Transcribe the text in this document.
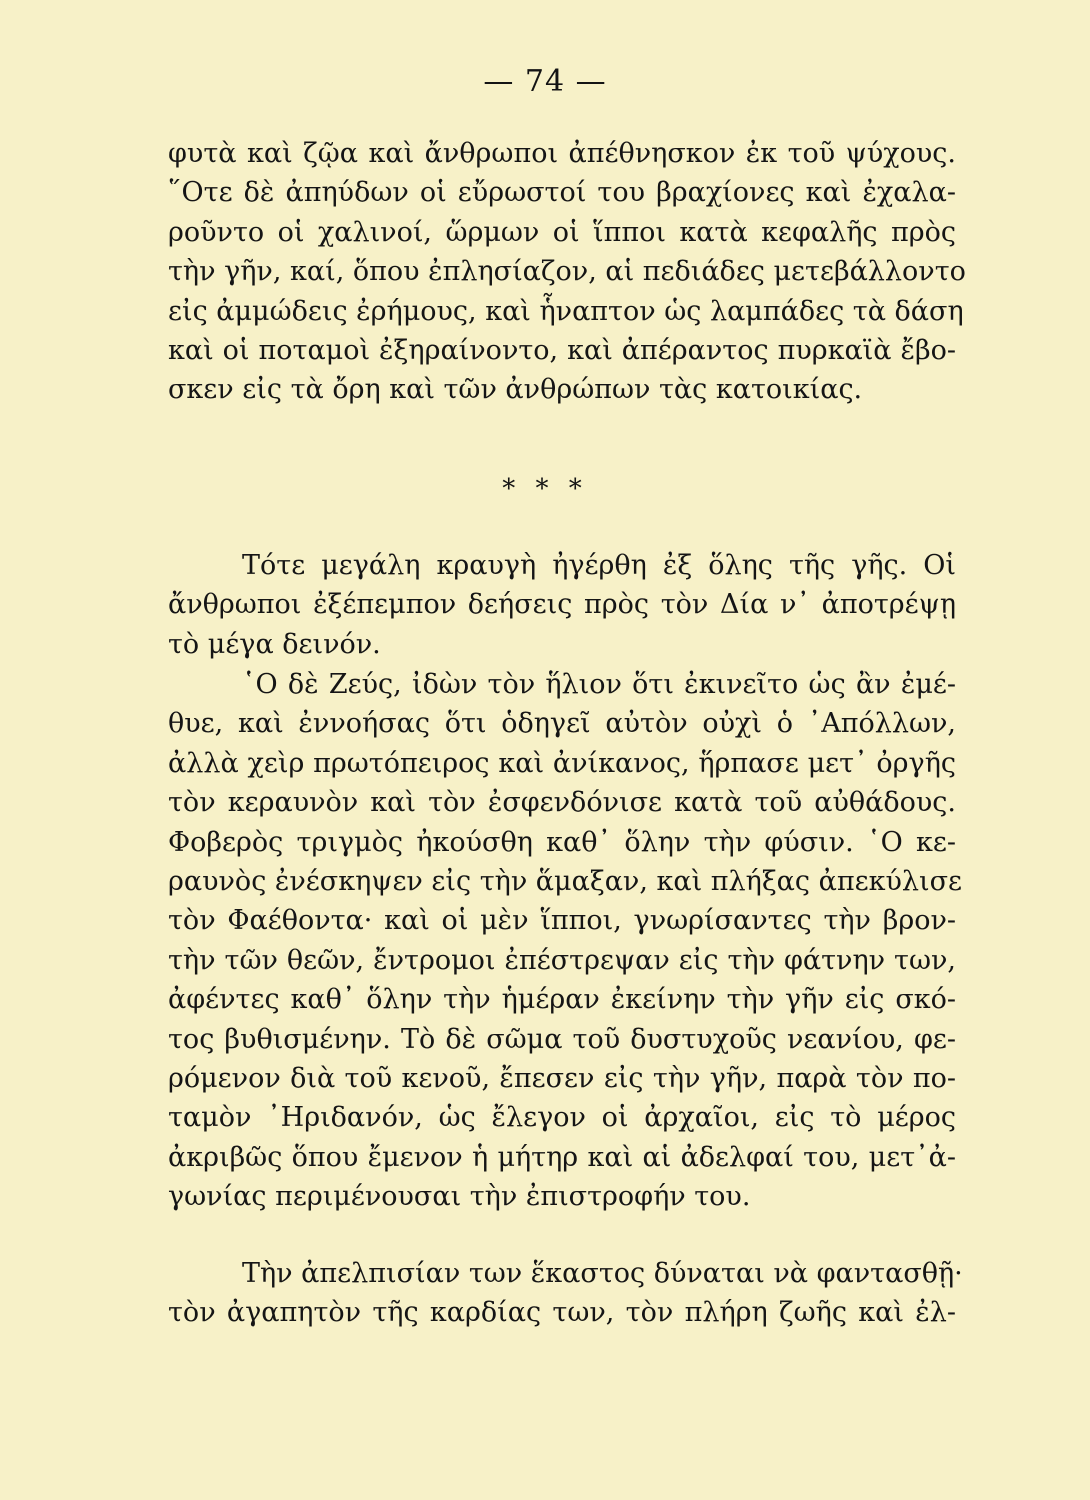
— 74 —
φυτὰ καὶ ζῷα καὶ ἄνθρωποι ἀπέθνησκον ἐκ τοῦ ψύχους.
῞Οτε δὲ ἀπηύδων οἱ εὔρωστοί του βραχίονες καὶ ἐχαλα-
ροῦντο οἱ χαλινοί, ὥρμων οἱ ἵπποι κατὰ κεφαλῆς πρὸς
τὴν γῆν, καί, ὅπου ἐπλησίαζον, αἱ πεδιάδες μετεβάλλοντο
εἰς ἀμμώδεις ἐρήμους, καὶ ἧναπτον ὡς λαμπάδες τὰ δάση
καὶ οἱ ποταμοὶ ἐξηραίνοντο, καὶ ἀπέραντος πυρκαϊὰ ἔβο-
σκεν εἰς τὰ ὄρη καὶ τῶν ἀνθρώπων τὰς κατοικίας.
* * *
Τότε μεγάλη κραυγὴ ἠγέρθη ἐξ ὅλης τῆς γῆς. Οἱ
ἄνθρωποι ἐξέπεμπον δεήσεις πρὸς τὸν Δία ν᾽ ἀποτρέψῃ
τὸ μέγα δεινόν.
῾Ο δὲ Ζεύς, ἰδὼν τὸν ἥλιον ὅτι ἐκινεῖτο ὡς ἂν ἐμέ-
θυε, καὶ ἐννοήσας ὅτι ὁδηγεῖ αὐτὸν οὐχὶ ὁ ᾽Απόλλων,
ἀλλὰ χεὶρ πρωτόπειρος καὶ ἀνίκανος, ἥρπασε μετ᾽ ὀργῆς
τὸν κεραυνὸν καὶ τὸν ἐσφενδόνισε κατὰ τοῦ αὐθάδους.
Φοβερὸς τριγμὸς ἠκούσθη καθ᾽ ὅλην τὴν φύσιν. ῾Ο κε-
ραυνὸς ἐνέσκηψεν εἰς τὴν ἅμαξαν, καὶ πλήξας ἀπεκύλισε
τὸν Φαέθοντα· καὶ οἱ μὲν ἵπποι, γνωρίσαντες τὴν βρον-
τὴν τῶν θεῶν, ἔντρομοι ἐπέστρεψαν εἰς τὴν φάτνην των,
ἀφέντες καθ᾽ ὅλην τὴν ἡμέραν ἐκείνην τὴν γῆν εἰς σκό-
τος βυθισμένην. Τὸ δὲ σῶμα τοῦ δυστυχοῦς νεανίου, φε-
ρόμενον διὰ τοῦ κενοῦ, ἔπεσεν εἰς τὴν γῆν, παρὰ τὸν πο-
ταμὸν ᾽Ηριδανόν, ὡς ἔλεγον οἱ ἀρχαῖοι, εἰς τὸ μέρος
ἀκριβῶς ὅπου ἔμενον ἡ μήτηρ καὶ αἱ ἀδελφαί του, μετ᾽ἀ-
γωνίας περιμένουσαι τὴν ἐπιστροφήν του.
Τὴν ἀπελπισίαν των ἕκαστος δύναται νὰ φαντασθῇ·
τὸν ἀγαπητὸν τῆς καρδίας των, τὸν πλήρη ζωῆς καὶ ἐλ-
